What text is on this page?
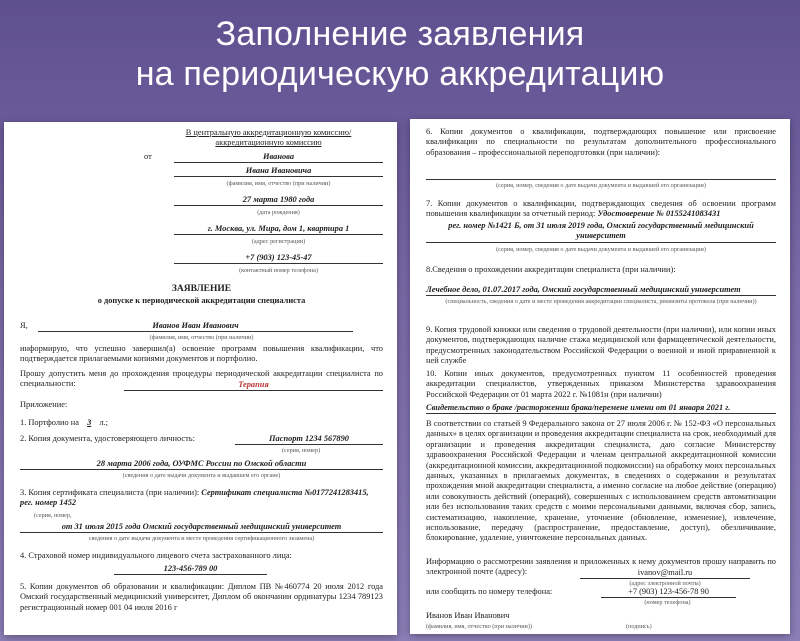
Заполнение заявления
на периодическую аккредитацию
В центральную аккредитационную комиссию/
аккредитационную комиссию
от	Иванова
Ивана Ивановича
(фамилия, имя, отчество (при наличии)
27 марта 1980 года
(дата рождения)
г. Москва, ул. Мира, дом 1, квартира 1
(адрес регистрации)
+7 (903) 123-45-47
(контактный номер телефона)
ЗАЯВЛЕНИЕ
о допуске к периодической аккредитации специалиста
Я,	Иванов Иван Иванович
(фамилия, имя, отчество (при наличии)
информирую, что успешно завершил(а) освоение программ повышения квалификации, что подтверждается прилагаемыми копиями документов и портфолио.
Прошу допустить меня до прохождения процедуры периодической аккредитации специалиста по специальности:	Терапия
Приложение:
1. Портфолио на 3 л.;
2. Копия документа, удостоверяющего личность:	Паспорт 1234 567890
(серия, номер)
28 марта 2006 года, ОУФМС России по Омской области
(сведения о дате выдачи документа и выдавшем его органе)
3. Копия сертификата специалиста (при наличии): Сертификат специалиста №0177241283415, рег. номер 1452
(серия, номер,
от 31 июля 2015 года Омский государственный медицинский университет
сведения о дате выдачи документа и месте проведения сертификационного экзамена)
4. Страховой номер индивидуального лицевого счета застрахованного лица:
123-456-789 00
5. Копии документов об образовании и квалификации: Диплом ПВ №460774 20 июля 2012 года Омский государственный медицинский университет, Диплом об окончании ординатуры 1234 789123 регистрационный номер 001 04 июля 2016 г
6. Копии документов о квалификации, подтверждающих повышение или присвоение квалификации по специальности по результатам дополнительного профессионального образования – профессиональной переподготовки (при наличии):
(серия, номер, сведения о дате выдачи документа и выдавшей его организации)
7. Копии документов о квалификации, подтверждающих сведения об освоении программ повышения квалификации за отчетный период: Удостоверение № 01552410834З1
рег. номер №1421 Б, от 31 июля 2019 года, Омский государственный медицинский университет
(серия, номер, сведения о дате выдачи документа и выдавшей его организации)
8.Сведения о прохождении аккредитации специалиста (при наличии):
Лечебное дело, 01.07.2017 года, Омский государственный медицинский университет
(специальность, сведения о дате и месте проведения аккредитации специалиста, реквизиты протокола (при наличии))
9. Копия трудовой книжки или сведения о трудовой деятельности (при наличии), или копии иных документов, подтверждающих наличие стажа медицинской или фармацевтической деятельности, предусмотренных законодательством Российской Федерации о военной и иной приравненной к ней службе
10. Копии иных документов, предусмотренных пунктом 11 особенностей проведения аккредитации специалистов, утвержденных приказом Министерства здравоохранения Российской Федерации от 01 марта 2022 г. №1081н (при наличии)
Свидетельство о браке /расторжении брака/перемене имени от 01 января 2021 г.
В соответствии со статьей 9 Федерального закона от 27 июля 2006 г. № 152-ФЗ «О персональных данных» в целях организации и проведения аккредитации специалиста на срок, необходимый для организации и проведения аккредитации специалиста, даю согласие Министерству здравоохранения Российской Федерации и членам центральной аккредитационной комиссии (аккредитационной комиссии, аккредитационной подкомиссии) на обработку моих персональных данных, указанных в прилагаемых документах, в сведениях о содержании и результатах прохождения мной аккредитации специалиста, а именно согласие на любое действие (операцию) или совокупность действий (операций), совершенных с использованием средств автоматизации или без использования таких средств с моими персональными данными, включая сбор, запись, систематизацию, накопление, хранение, уточнение (обновление, изменение), извлечение, использование, передачу (распространение, предоставление, доступ), обезличивание, блокирование, удаление, уничтожение персональных данных.
Информацию о рассмотрении заявления и приложенных к нему документов прошу направить по электронной почте (адресу):	ivanov@mail.ru
(адрес электронной почты)
или сообщить по номеру телефона:	+7 (903) 123-456-78 90
(номер телефона)
Иванов Иван Иванович
(фамилия, имя, отчество (при наличии))	(подпись)
